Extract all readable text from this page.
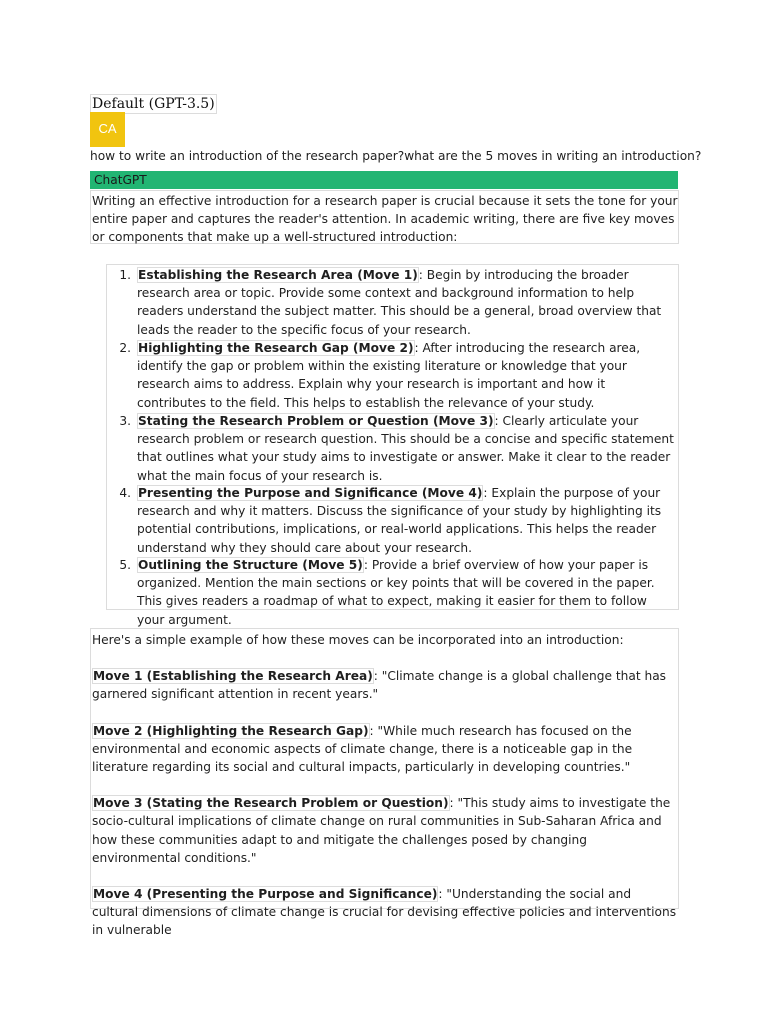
Default (GPT-3.5)
CA
how to write an introduction of the research paper?what are the 5 moves in writing an introduction?
ChatGPT
Writing an effective introduction for a research paper is crucial because it sets the tone for your entire paper and captures the reader's attention. In academic writing, there are five key moves or components that make up a well-structured introduction:
1. Establishing the Research Area (Move 1): Begin by introducing the broader research area or topic. Provide some context and background information to help readers understand the subject matter. This should be a general, broad overview that leads the reader to the specific focus of your research.
2. Highlighting the Research Gap (Move 2): After introducing the research area, identify the gap or problem within the existing literature or knowledge that your research aims to address. Explain why your research is important and how it contributes to the field. This helps to establish the relevance of your study.
3. Stating the Research Problem or Question (Move 3): Clearly articulate your research problem or research question. This should be a concise and specific statement that outlines what your study aims to investigate or answer. Make it clear to the reader what the main focus of your research is.
4. Presenting the Purpose and Significance (Move 4): Explain the purpose of your research and why it matters. Discuss the significance of your study by highlighting its potential contributions, implications, or real-world applications. This helps the reader understand why they should care about your research.
5. Outlining the Structure (Move 5): Provide a brief overview of how your paper is organized. Mention the main sections or key points that will be covered in the paper. This gives readers a roadmap of what to expect, making it easier for them to follow your argument.

Here's a simple example of how these moves can be incorporated into an introduction:

Move 1 (Establishing the Research Area): "Climate change is a global challenge that has garnered significant attention in recent years."

Move 2 (Highlighting the Research Gap): "While much research has focused on the environmental and economic aspects of climate change, there is a noticeable gap in the literature regarding its social and cultural impacts, particularly in developing countries."

Move 3 (Stating the Research Problem or Question): "This study aims to investigate the socio-cultural implications of climate change on rural communities in Sub-Saharan Africa and how these communities adapt to and mitigate the challenges posed by changing environmental conditions."

Move 4 (Presenting the Purpose and Significance): "Understanding the social and cultural dimensions of climate change is crucial for devising effective policies and interventions in vulnerable
